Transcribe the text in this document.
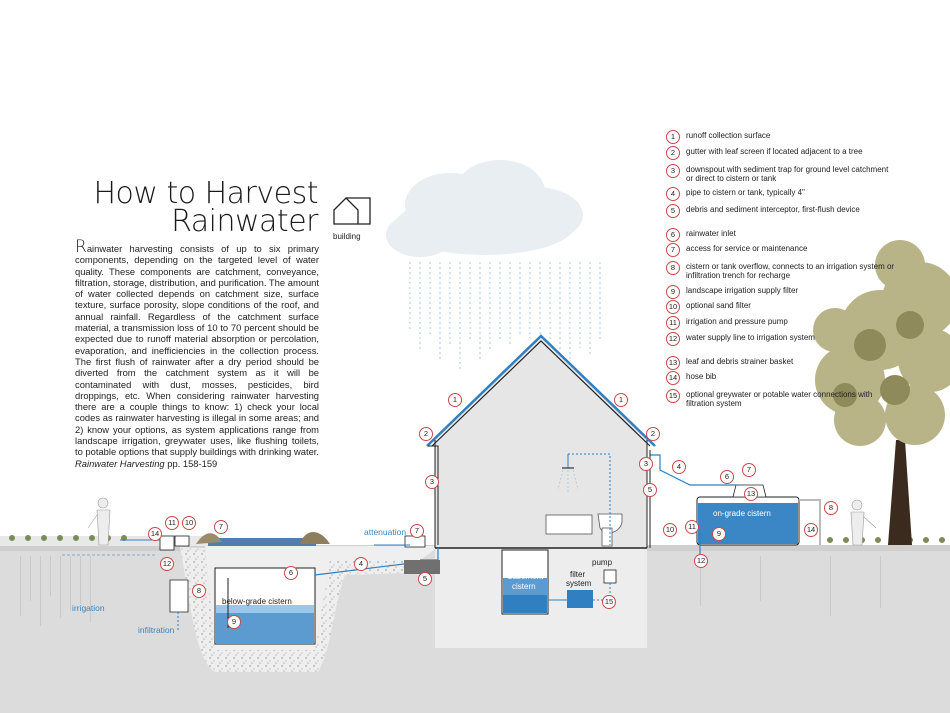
How to Harvest
Rainwater building
Rainwater harvesting consists of up to six primary components, depending on the targeted level of water quality. These components are catchment, conveyance, filtration, storage, distribution, and purification. The amount of water collected depends on catchment size, surface texture, surface porosity, slope conditions of the roof, and annual rainfall. Regardless of the catchment surface material, a transmission loss of 10 to 70 percent should be expected due to runoff material absorption or percolation, evaporation, and inefficiencies in the collection process. The first flush of rainwater after a dry period should be diverted from the catchment system as it will be contaminated with dust, mosses, pesticides, bird droppings, etc. When considering rainwater harvesting there are a couple things to know: 1) check your local codes as rainwater harvesting is illegal in some areas; and 2) know your options, as system applications range from landscape irrigation, greywater uses, like flushing toilets, to potable options that supply buildings with drinking water. Rainwater Harvesting pp. 158-159
1	runoff collection surface
2	gutter with leaf screen if located adjacent to a tree
3	downspout with sediment trap for ground level catchment or direct to cistern or tank
4	pipe to cistern or tank, typically 4"
5	debris and sediment interceptor, first-flush device
6	rainwater inlet
7	access for service or maintenance
8	cistern or tank overflow, connects to an irrigation system or infiltration trench for recharge
9	landscape irrigation supply filter
10	optional sand filter
11	irrigation and pressure pump
12	water supply line to irrigation system
13	leaf and debris strainer basket
14	hose bib
15	optional greywater or potable water connections with filtration system
below-grade cistern
on-grade cistern
basement
cistern
filter
system
pump
attenuation
irrigation
infiltration
1	1
2	2
3
3
4
4
5
5
6
6
7	7
7
8
8
9
9
10
10
11	11
12	12
13
14	14
15
